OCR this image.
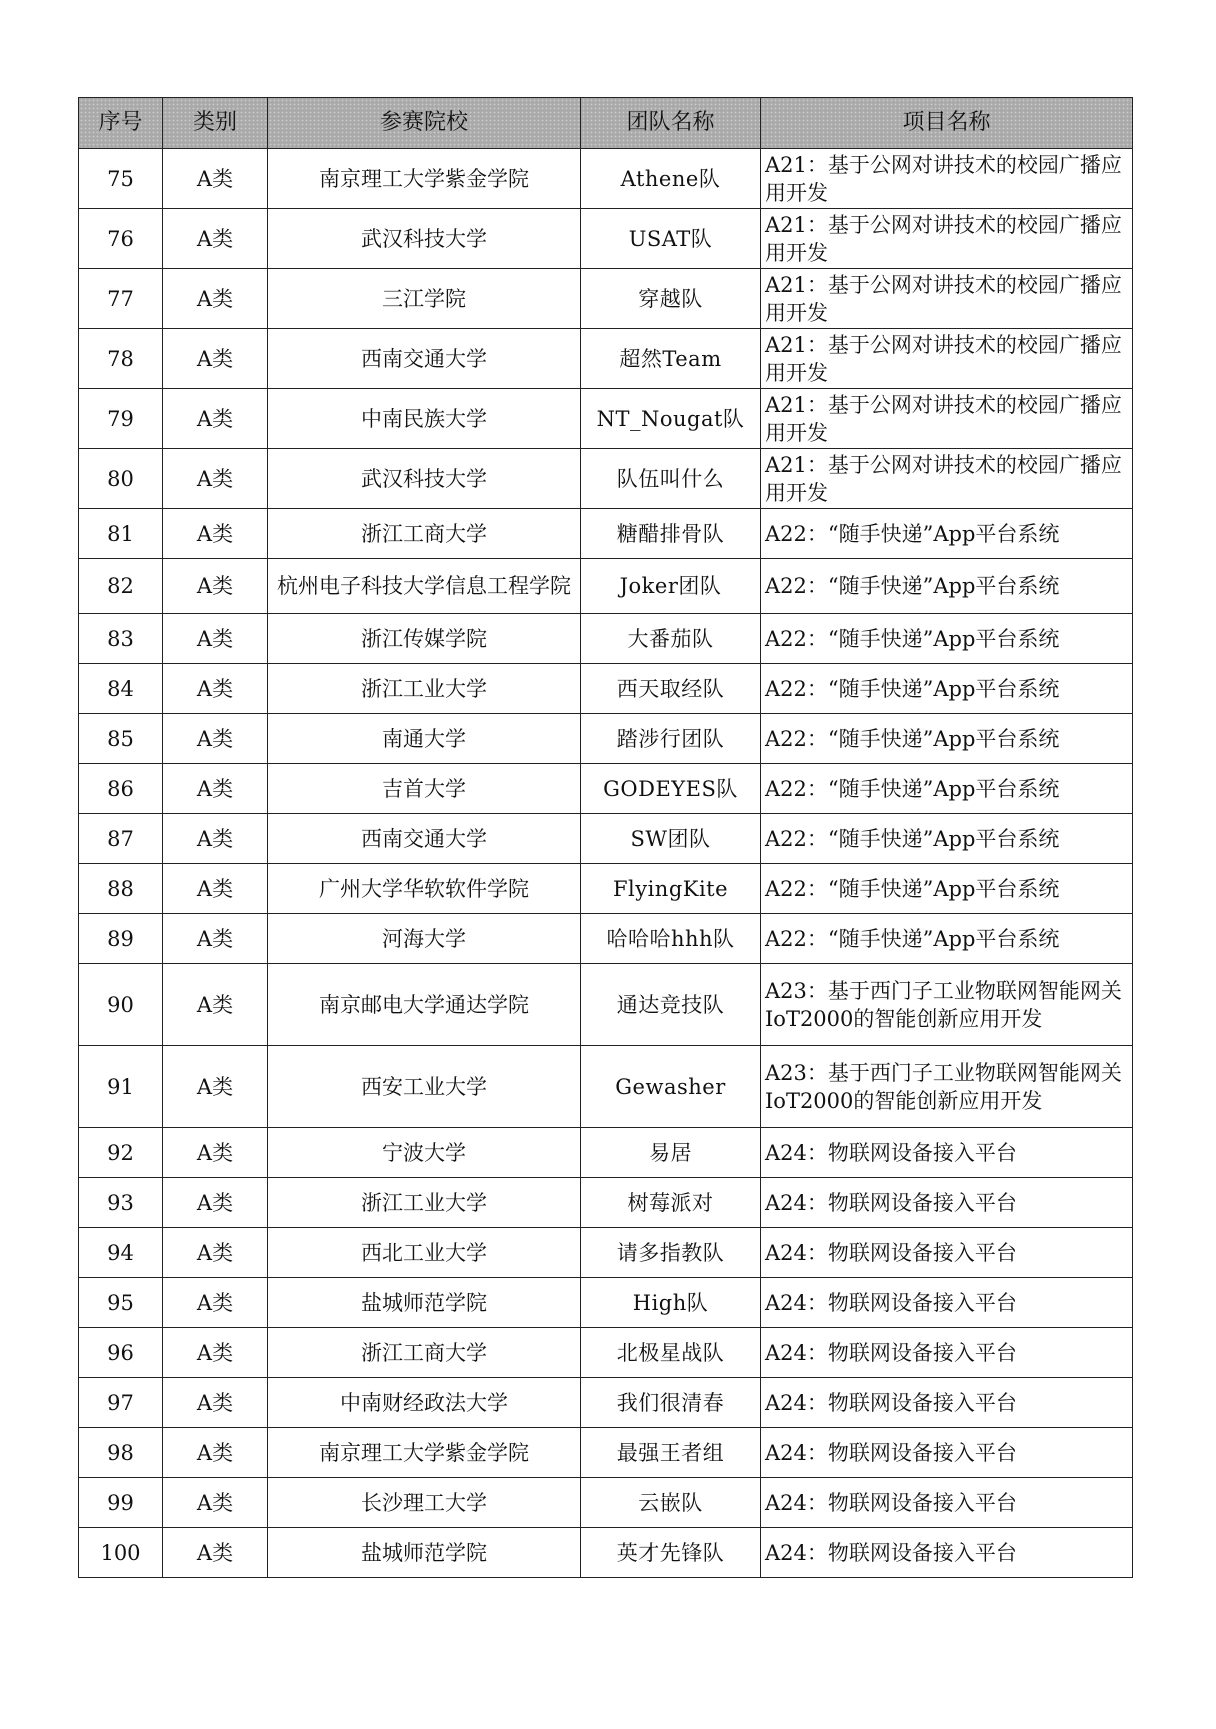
序号	类别	参赛院校	团队名称	项目名称
75	A类	南京理工大学紫金学院	Athene队	A21：基于公网对讲技术的校园广播应用开发
76	A类	武汉科技大学	USAT队	A21：基于公网对讲技术的校园广播应用开发
77	A类	三江学院	穿越队	A21：基于公网对讲技术的校园广播应用开发
78	A类	西南交通大学	超然Team	A21：基于公网对讲技术的校园广播应用开发
79	A类	中南民族大学	NT_Nougat队	A21：基于公网对讲技术的校园广播应用开发
80	A类	武汉科技大学	队伍叫什么	A21：基于公网对讲技术的校园广播应用开发
81	A类	浙江工商大学	糖醋排骨队	A22：“随手快递”App平台系统
82	A类	杭州电子科技大学信息工程学院	Joker团队	A22：“随手快递”App平台系统
83	A类	浙江传媒学院	大番茄队	A22：“随手快递”App平台系统
84	A类	浙江工业大学	西天取经队	A22：“随手快递”App平台系统
85	A类	南通大学	踏涉行团队	A22：“随手快递”App平台系统
86	A类	吉首大学	GODEYES队	A22：“随手快递”App平台系统
87	A类	西南交通大学	SW团队	A22：“随手快递”App平台系统
88	A类	广州大学华软软件学院	FlyingKite	A22：“随手快递”App平台系统
89	A类	河海大学	哈哈哈hhh队	A22：“随手快递”App平台系统
90	A类	南京邮电大学通达学院	通达竞技队	A23：基于西门子工业物联网智能网关IoT2000的智能创新应用开发
91	A类	西安工业大学	Gewasher	A23：基于西门子工业物联网智能网关IoT2000的智能创新应用开发
92	A类	宁波大学	易居	A24：物联网设备接入平台
93	A类	浙江工业大学	树莓派对	A24：物联网设备接入平台
94	A类	西北工业大学	请多指教队	A24：物联网设备接入平台
95	A类	盐城师范学院	High队	A24：物联网设备接入平台
96	A类	浙江工商大学	北极星战队	A24：物联网设备接入平台
97	A类	中南财经政法大学	我们很清春	A24：物联网设备接入平台
98	A类	南京理工大学紫金学院	最强王者组	A24：物联网设备接入平台
99	A类	长沙理工大学	云嵌队	A24：物联网设备接入平台
100	A类	盐城师范学院	英才先锋队	A24：物联网设备接入平台
